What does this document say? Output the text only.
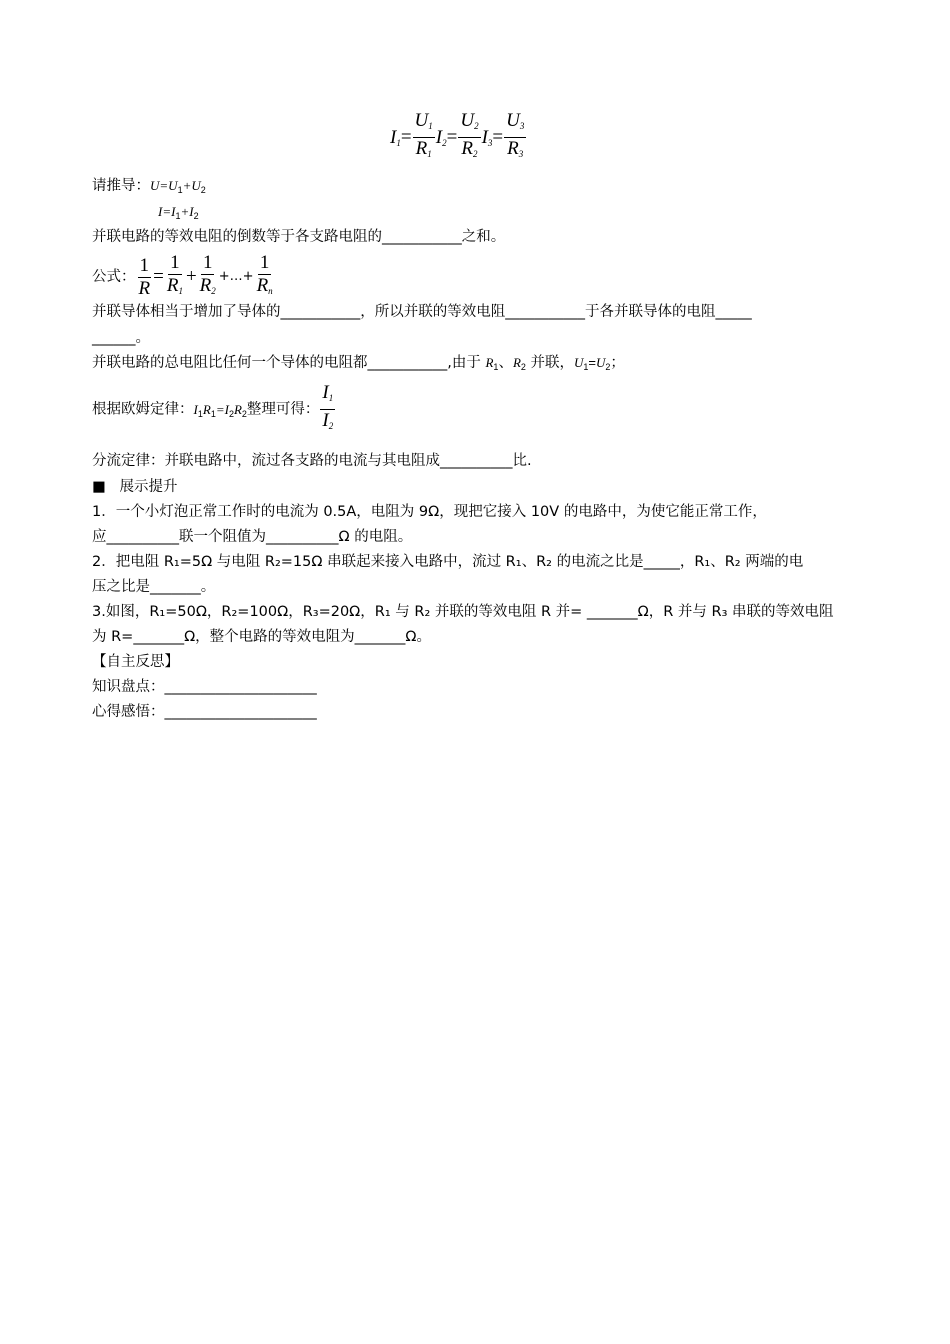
$I_1= \frac{U_1}{R_1} I_2= \frac{U_2}{R_2} I_3= \frac{U_3}{R_3}$
请推导：$U=U_1+U_2$
$I=I_1+I_2$
并联电路的等效电阻的倒数等于各支路电阻的___________之和。
公式： $\frac{1}{R} = \frac{1}{R_1} + \frac{1}{R_2}$ +…+ $\frac{1}{R_n}$
并联导体相当于增加了导体的___________，所以并联的等效电阻___________于各并联导体的电阻_____
______。
并联电路的总电阻比任何一个导体的电阻都___________,由于 $R_1$、$R_2$ 并联，$U_1=U_2$；
根据欧姆定律：$I_1R_1=I_2R_2$整理可得： $\frac{I_1}{I_2}$
分流定律：并联电路中，流过各支路的电流与其电阻成__________比.
■ 展示提升
1．一个小灯泡正常工作时的电流为 0.5A，电阻为 9Ω，现把它接入 10V 的电路中，为使它能正常工作，
应__________联一个阻值为__________Ω 的电阻。
2．把电阻 R₁=5Ω 与电阻 R₂=15Ω 串联起来接入电路中，流过 R₁、R₂ 的电流之比是_____，R₁、R₂ 两端的电
压之比是_______。
3.如图，R₁=50Ω，R₂=100Ω，R₃=20Ω，R₁ 与 R₂ 并联的等效电阻 R 并= _______Ω，R 并与 R₃ 串联的等效电阻
为 R=_______Ω，整个电路的等效电阻为_______Ω。
【自主反思】
知识盘点：_____________________
心得感悟：_____________________
